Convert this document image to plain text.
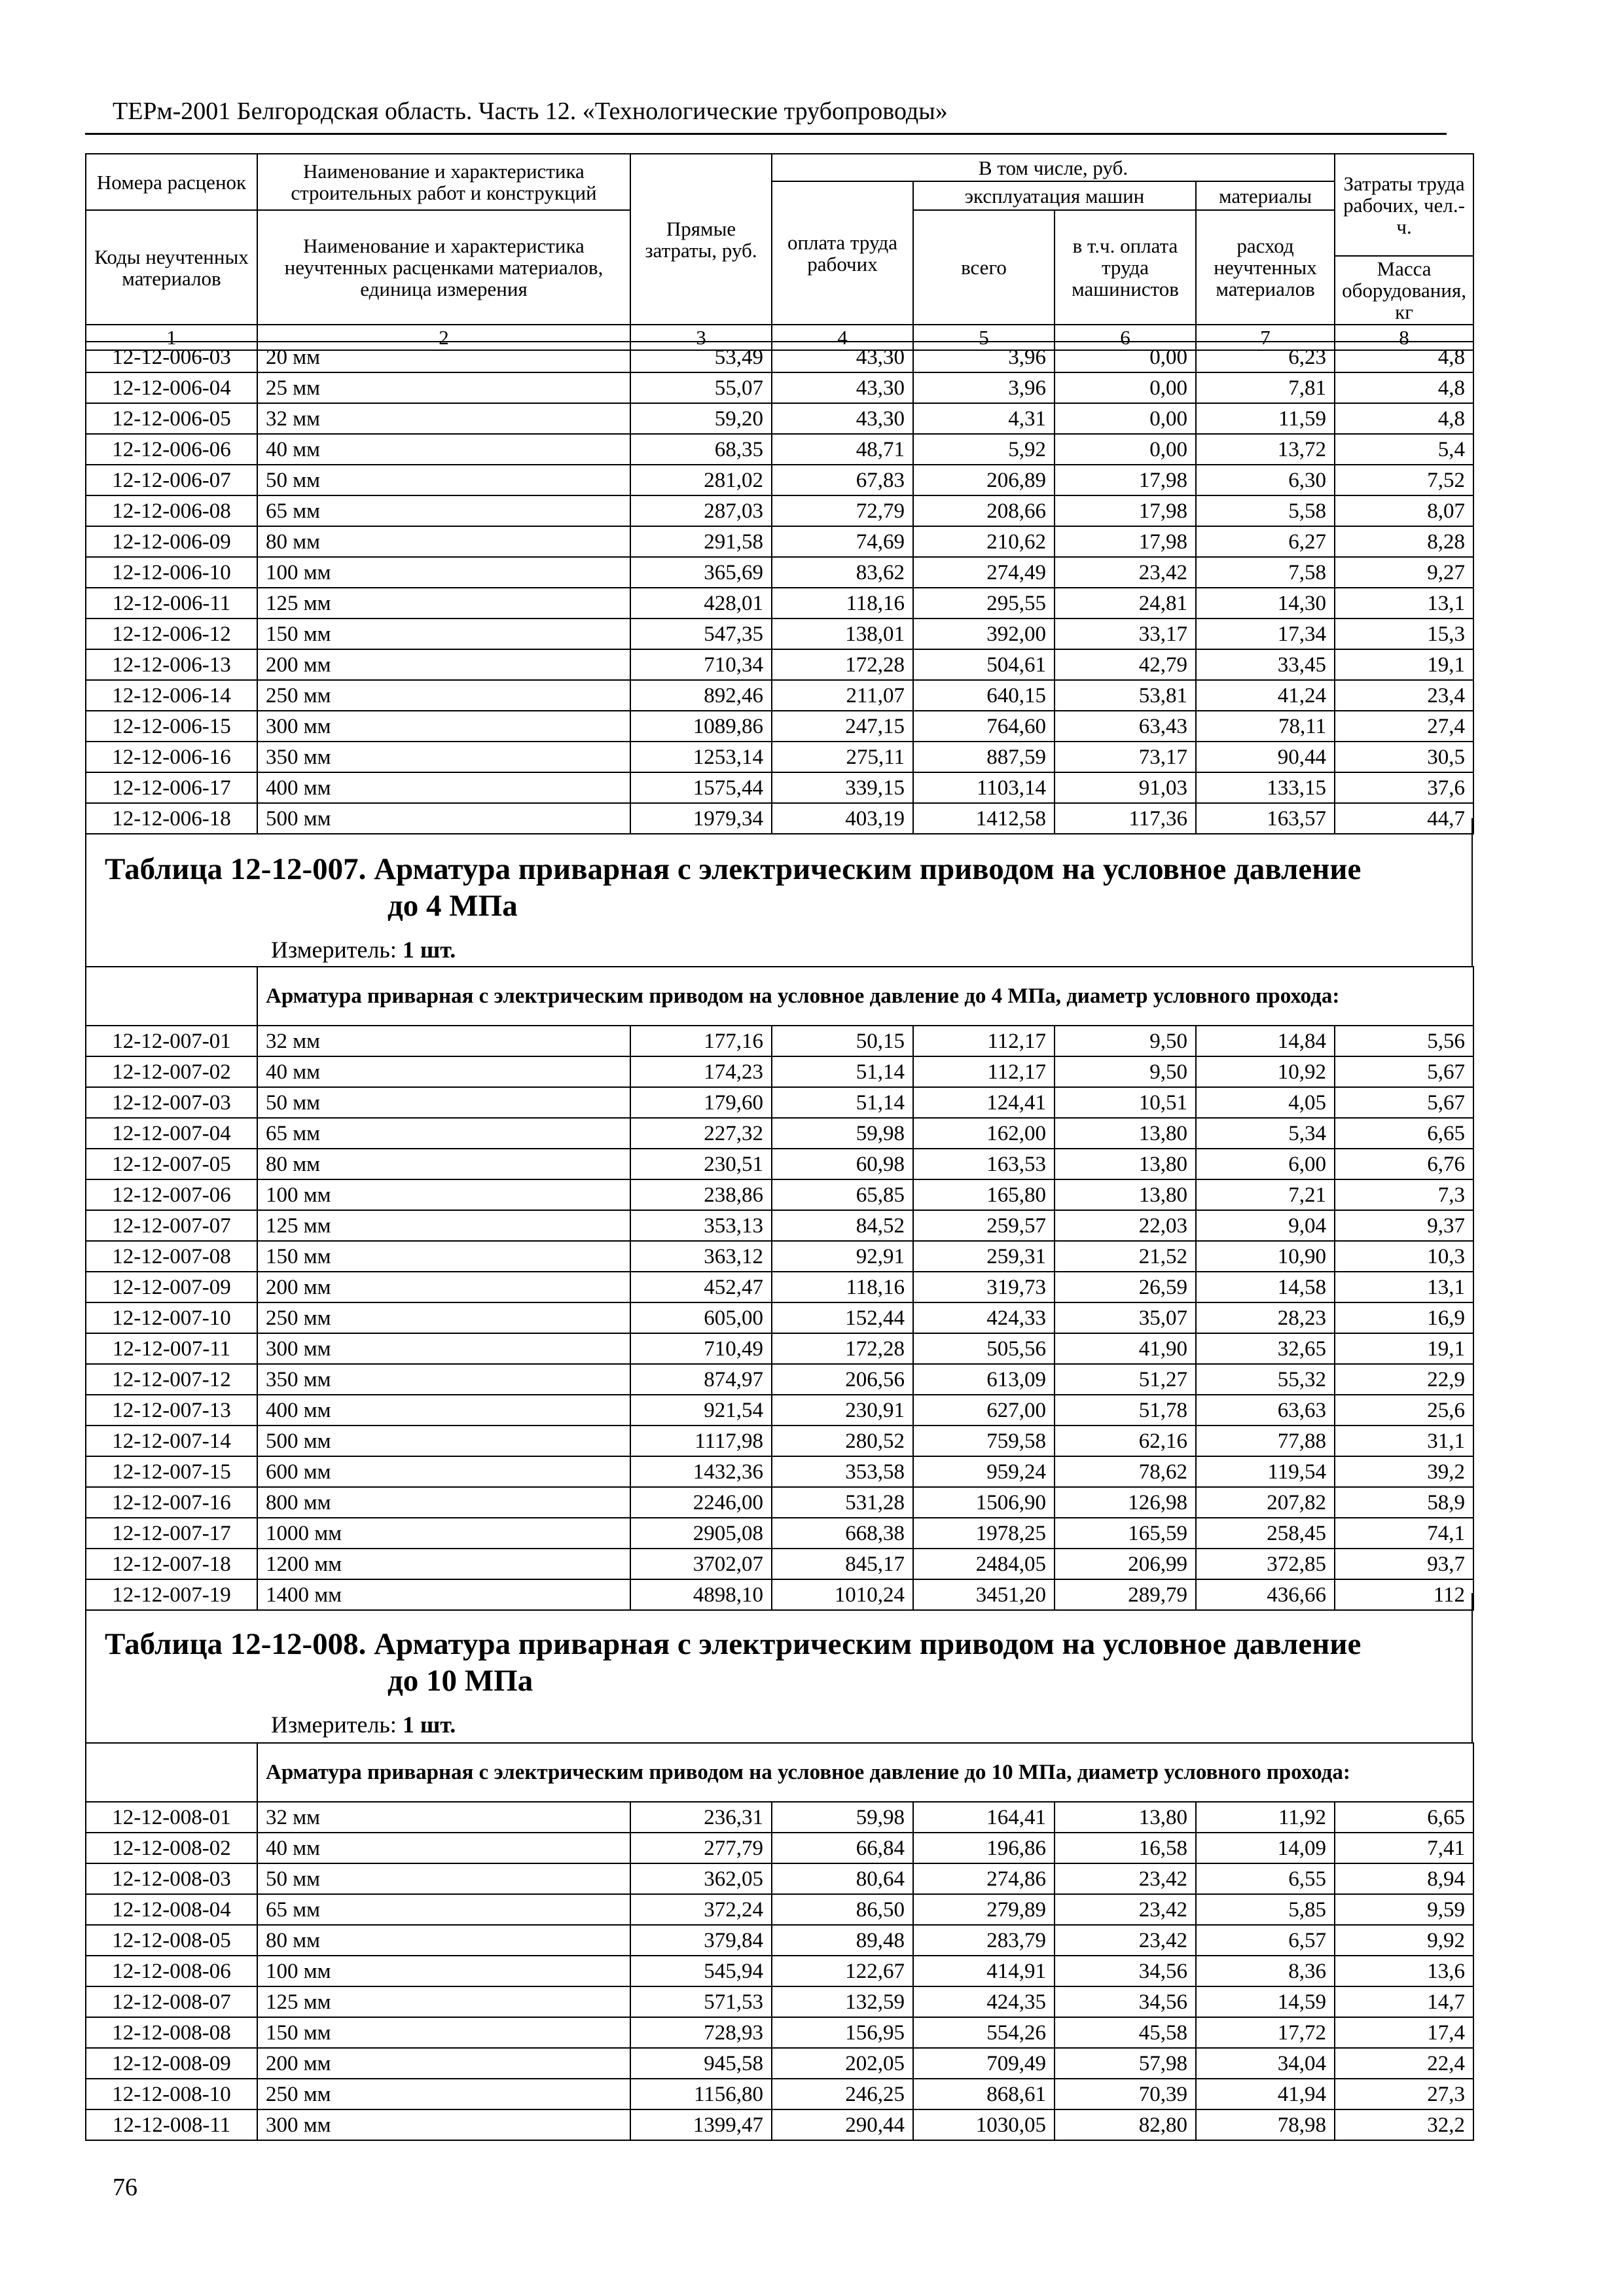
ТЕРм-2001 Белгородская область. Часть 12. «Технологические трубопроводы»
Номера расценок	Наименование и характеристика строительных работ и конструкций	Прямые затраты, руб.	В том числе, руб.				Затраты труда рабочих, чел.-ч.
			оплата труда рабочих	эксплуатация машин		материалы	
Коды неучтенных материалов	Наименование и характеристика неучтенных расценками материалов, единица измерения			всего	в т.ч. оплата труда машинистов	расход неучтенных материалов	
							Масса оборудования, кг
1	2	3	4	5	6	7	8
12-12-006-03	20 мм	53,49	43,30	3,96	0,00	6,23	4,8
12-12-006-04	25 мм	55,07	43,30	3,96	0,00	7,81	4,8
12-12-006-05	32 мм	59,20	43,30	4,31	0,00	11,59	4,8
12-12-006-06	40 мм	68,35	48,71	5,92	0,00	13,72	5,4
12-12-006-07	50 мм	281,02	67,83	206,89	17,98	6,30	7,52
12-12-006-08	65 мм	287,03	72,79	208,66	17,98	5,58	8,07
12-12-006-09	80 мм	291,58	74,69	210,62	17,98	6,27	8,28
12-12-006-10	100 мм	365,69	83,62	274,49	23,42	7,58	9,27
12-12-006-11	125 мм	428,01	118,16	295,55	24,81	14,30	13,1
12-12-006-12	150 мм	547,35	138,01	392,00	33,17	17,34	15,3
12-12-006-13	200 мм	710,34	172,28	504,61	42,79	33,45	19,1
12-12-006-14	250 мм	892,46	211,07	640,15	53,81	41,24	23,4
12-12-006-15	300 мм	1089,86	247,15	764,60	63,43	78,11	27,4
12-12-006-16	350 мм	1253,14	275,11	887,59	73,17	90,44	30,5
12-12-006-17	400 мм	1575,44	339,15	1103,14	91,03	133,15	37,6
12-12-006-18	500 мм	1979,34	403,19	1412,58	117,36	163,57	44,7
Таблица 12-12-007. Арматура приварная с электрическим приводом на условное давление
до 4 МПа
Измеритель: 1 шт.
	Арматура приварная с электрическим приводом на условное давление до 4 МПа, диаметр условного прохода:						
12-12-007-01	32 мм	177,16	50,15	112,17	9,50	14,84	5,56
12-12-007-02	40 мм	174,23	51,14	112,17	9,50	10,92	5,67
12-12-007-03	50 мм	179,60	51,14	124,41	10,51	4,05	5,67
12-12-007-04	65 мм	227,32	59,98	162,00	13,80	5,34	6,65
12-12-007-05	80 мм	230,51	60,98	163,53	13,80	6,00	6,76
12-12-007-06	100 мм	238,86	65,85	165,80	13,80	7,21	7,3
12-12-007-07	125 мм	353,13	84,52	259,57	22,03	9,04	9,37
12-12-007-08	150 мм	363,12	92,91	259,31	21,52	10,90	10,3
12-12-007-09	200 мм	452,47	118,16	319,73	26,59	14,58	13,1
12-12-007-10	250 мм	605,00	152,44	424,33	35,07	28,23	16,9
12-12-007-11	300 мм	710,49	172,28	505,56	41,90	32,65	19,1
12-12-007-12	350 мм	874,97	206,56	613,09	51,27	55,32	22,9
12-12-007-13	400 мм	921,54	230,91	627,00	51,78	63,63	25,6
12-12-007-14	500 мм	1117,98	280,52	759,58	62,16	77,88	31,1
12-12-007-15	600 мм	1432,36	353,58	959,24	78,62	119,54	39,2
12-12-007-16	800 мм	2246,00	531,28	1506,90	126,98	207,82	58,9
12-12-007-17	1000 мм	2905,08	668,38	1978,25	165,59	258,45	74,1
12-12-007-18	1200 мм	3702,07	845,17	2484,05	206,99	372,85	93,7
12-12-007-19	1400 мм	4898,10	1010,24	3451,20	289,79	436,66	112
Таблица 12-12-008. Арматура приварная с электрическим приводом на условное давление
до 10 МПа
Измеритель: 1 шт.
	Арматура приварная с электрическим приводом на условное давление до 10 МПа, диаметр условного прохода:						
12-12-008-01	32 мм	236,31	59,98	164,41	13,80	11,92	6,65
12-12-008-02	40 мм	277,79	66,84	196,86	16,58	14,09	7,41
12-12-008-03	50 мм	362,05	80,64	274,86	23,42	6,55	8,94
12-12-008-04	65 мм	372,24	86,50	279,89	23,42	5,85	9,59
12-12-008-05	80 мм	379,84	89,48	283,79	23,42	6,57	9,92
12-12-008-06	100 мм	545,94	122,67	414,91	34,56	8,36	13,6
12-12-008-07	125 мм	571,53	132,59	424,35	34,56	14,59	14,7
12-12-008-08	150 мм	728,93	156,95	554,26	45,58	17,72	17,4
12-12-008-09	200 мм	945,58	202,05	709,49	57,98	34,04	22,4
12-12-008-10	250 мм	1156,80	246,25	868,61	70,39	41,94	27,3
12-12-008-11	300 мм	1399,47	290,44	1030,05	82,80	78,98	32,2
76
